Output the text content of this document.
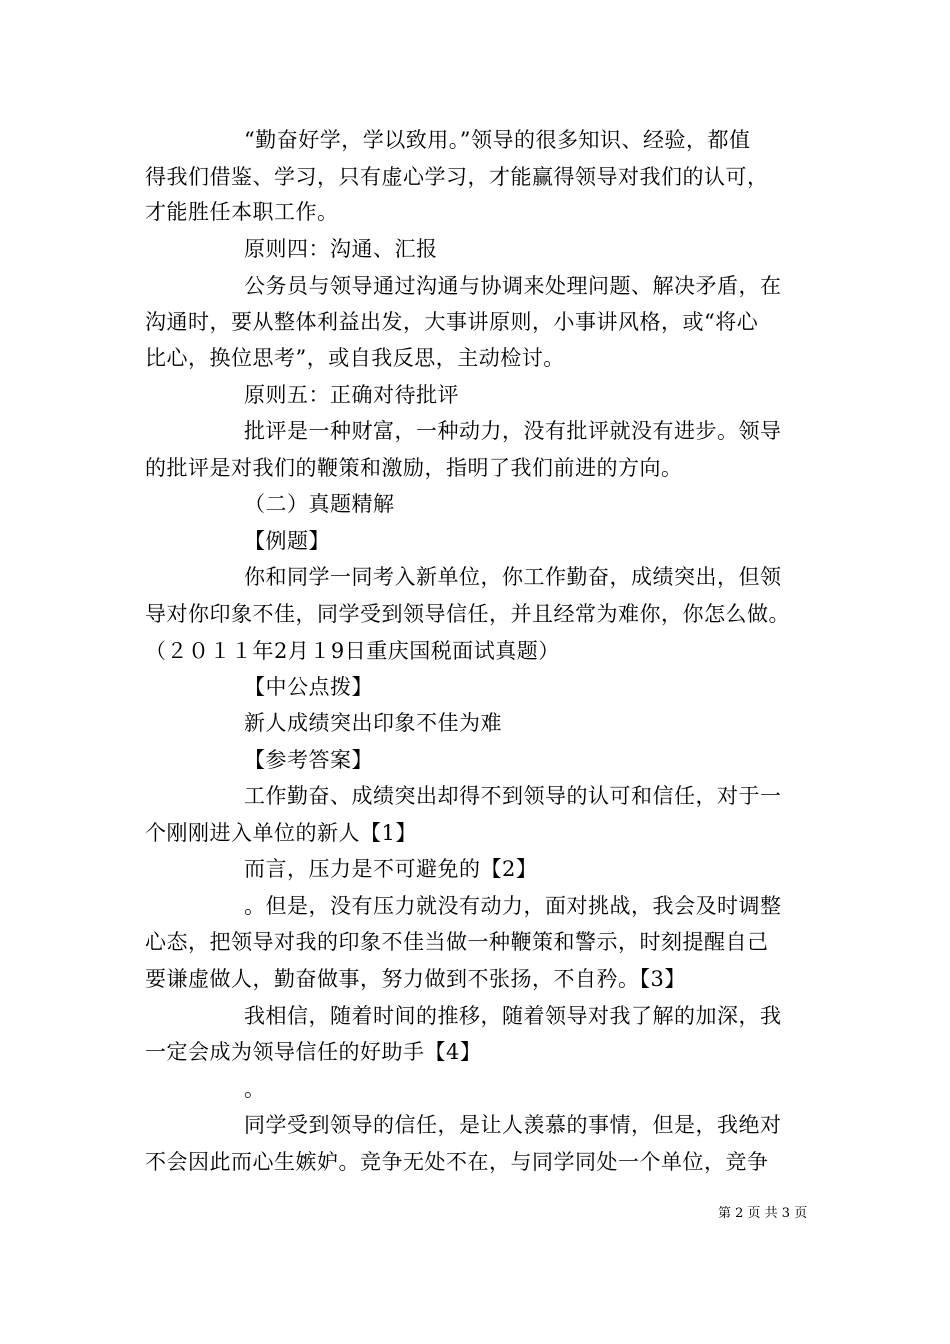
“勤奋好学，学以致用。”领导的很多知识、经验，都值
得我们借鉴、学习，只有虚心学习，才能赢得领导对我们的认可，
才能胜任本职工作。
原则四：沟通、汇报
公务员与领导通过沟通与协调来处理问题、解决矛盾，在
沟通时，要从整体利益出发，大事讲原则，小事讲风格，或“将心
比心，换位思考”，或自我反思，主动检讨。
原则五：正确对待批评
批评是一种财富，一种动力，没有批评就没有进步。领导
的批评是对我们的鞭策和激励，指明了我们前进的方向。
（二）真题精解
【例题】
你和同学一同考入新单位，你工作勤奋，成绩突出，但领
导对你印象不佳，同学受到领导信任，并且经常为难你，你怎么做。
（２０１１年2月１9日重庆国税面试真题）
【中公点拨】
新人成绩突出印象不佳为难
【参考答案】
工作勤奋、成绩突出却得不到领导的认可和信任，对于一
个刚刚进入单位的新人【1】
而言，压力是不可避免的【2】
。但是，没有压力就没有动力，面对挑战，我会及时调整
心态，把领导对我的印象不佳当做一种鞭策和警示，时刻提醒自己
要谦虚做人，勤奋做事，努力做到不张扬，不自矜。【3】
我相信，随着时间的推移，随着领导对我了解的加深，我
一定会成为领导信任的好助手【4】
。
同学受到领导的信任，是让人羡慕的事情，但是，我绝对
不会因此而心生嫉妒。竞争无处不在，与同学同处一个单位，竞争
第 2 页 共 3 页
